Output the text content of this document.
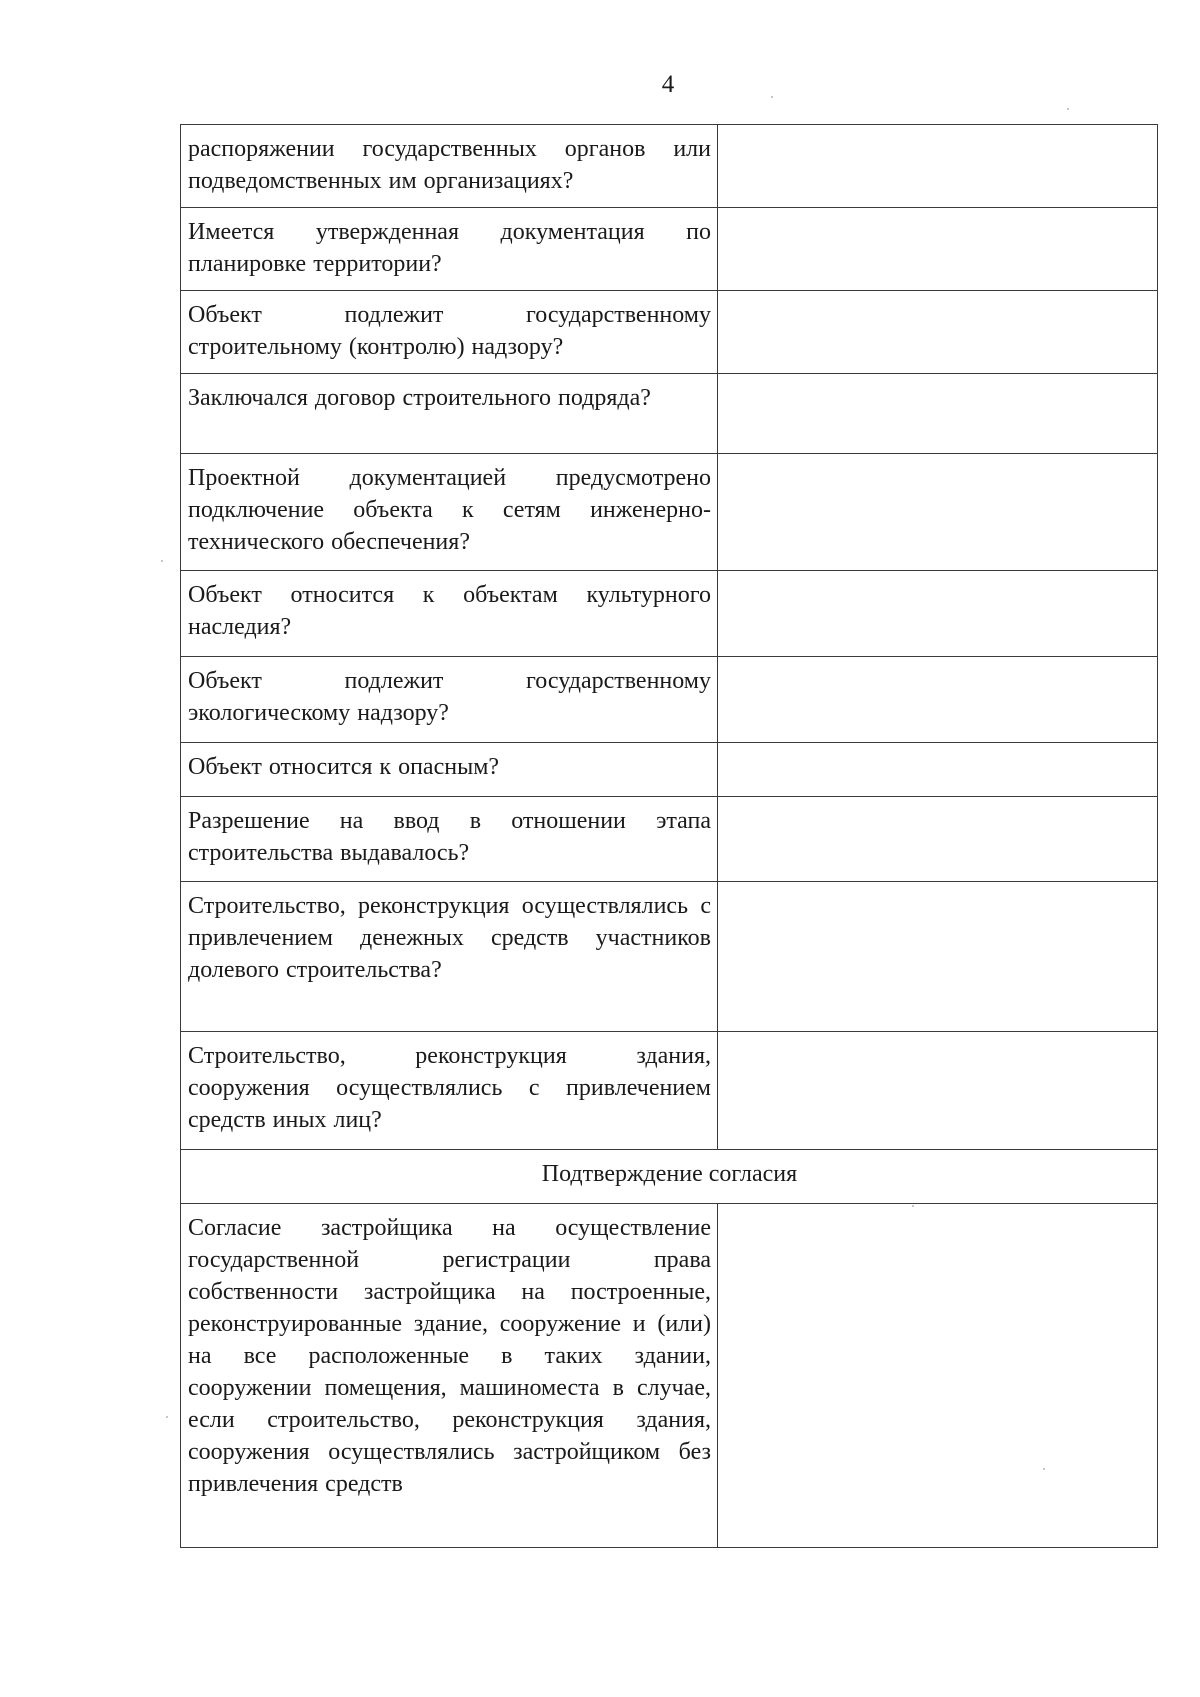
4
распоряжении государственных органов или подведомственных им организациях?	

Имеется утвержденная документация по планировке территории?	

Объект подлежит государственному строительному (контролю) надзору?	

Заключался договор строительного подряда?	

Проектной документацией предусмотрено подключение объекта к сетям инженерно-технического обеспечения?	

Объект относится к объектам культурного наследия?	

Объект подлежит государственному экологическому надзору?	

Объект относится к опасным?	

Разрешение на ввод в отношении этапа строительства выдавалось?	

Строительство, реконструкция осуществлялись с привлечением денежных средств участников долевого строительства?	

Строительство, реконструкция здания, сооружения осуществлялись с привлечением средств иных лиц?	

Подтверждение согласия	

Согласие застройщика на осуществление государственной регистрации права собственности застройщика на построенные, реконструированные здание, сооружение и (или) на все расположенные в таких здании, сооружении помещения, машиноместа в случае, если строительство, реконструкция здания, сооружения осуществлялись застройщиком без привлечения средств	
